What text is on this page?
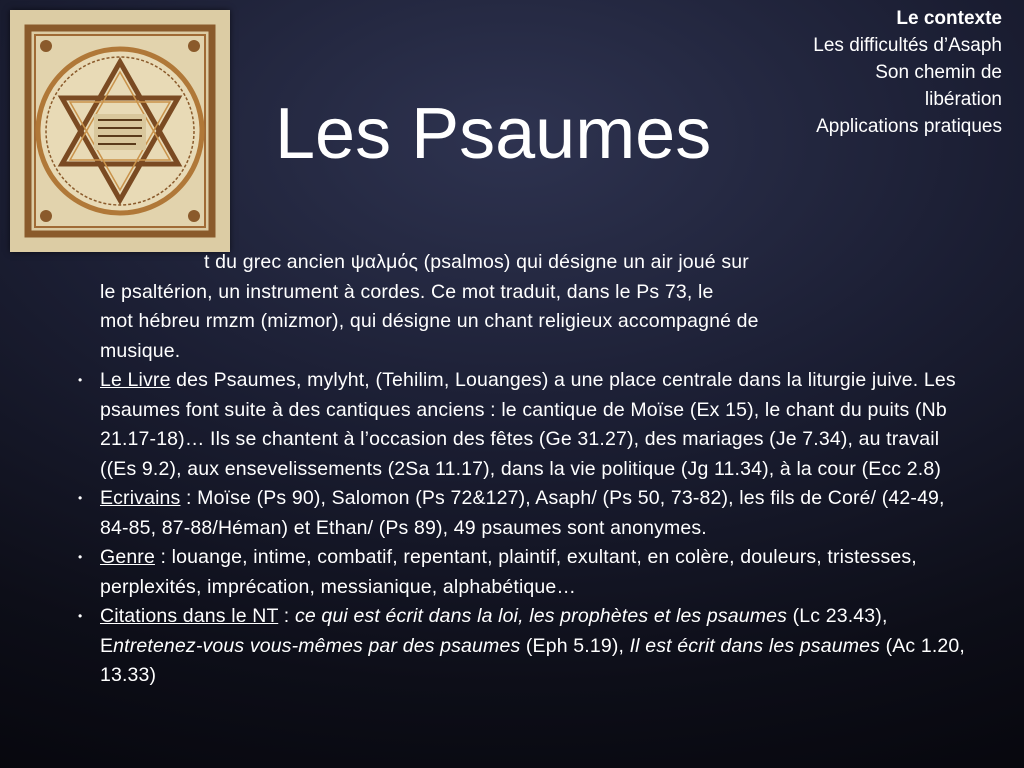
Les Psaumes
Le contexte
Les difficultés d’Asaph
Son chemin de
libération
Applications pratiques
t du grec ancien ψαλμός (psalmos) qui désigne un air joué sur
le psaltérion, un instrument à cordes. Ce mot traduit, dans le Ps 73, le
mot hébreu rmzm (mizmor), qui désigne un chant religieux accompagné de
musique.
• Le Livre des Psaumes, mylyht, (Tehilim, Louanges) a une place centrale dans la liturgie juive. Les psaumes font suite à des cantiques anciens : le cantique de Moïse (Ex 15), le chant du puits (Nb 21.17-18)… Ils se chantent à l’occasion des fêtes (Ge 31.27), des mariages (Je 7.34), au travail ((Es 9.2), aux ensevelissements (2Sa 11.17), dans la vie politique (Jg 11.34), à la cour (Ecc 2.8)
• Ecrivains : Moïse (Ps 90), Salomon (Ps 72&127), Asaph/ (Ps 50, 73-82), les fils de Coré/ (42-49, 84-85, 87-88/Héman) et Ethan/ (Ps 89), 49 psaumes sont anonymes.
• Genre : louange, intime, combatif, repentant, plaintif, exultant, en colère, douleurs, tristesses, perplexités, imprécation, messianique, alphabétique…
• Citations dans le NT : ce qui est écrit dans la loi, les prophètes et les psaumes (Lc 23.43), Entretenez-vous vous-mêmes par des psaumes (Eph 5.19), Il est écrit dans les psaumes (Ac 1.20, 13.33)
